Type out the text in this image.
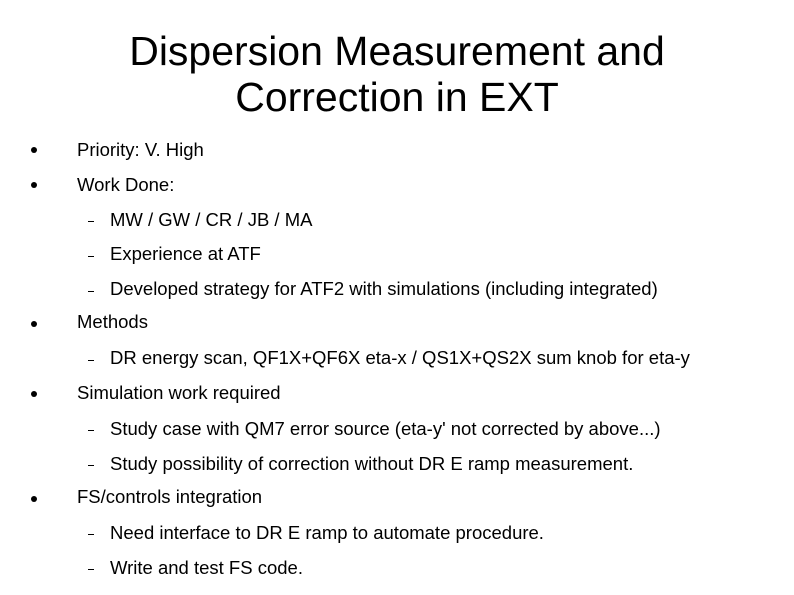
Dispersion Measurement and
Correction in EXT
Priority: V. High
Work Done:
MW / GW / CR / JB / MA
Experience at ATF
Developed strategy for ATF2 with simulations (including integrated)
Methods
DR energy scan, QF1X+QF6X eta-x / QS1X+QS2X sum knob for eta-y
Simulation work required
Study case with QM7 error source (eta-y' not corrected by above...)
Study possibility of correction without DR E ramp measurement.
FS/controls integration
Need interface to DR E ramp to automate procedure.
Write and test FS code.
